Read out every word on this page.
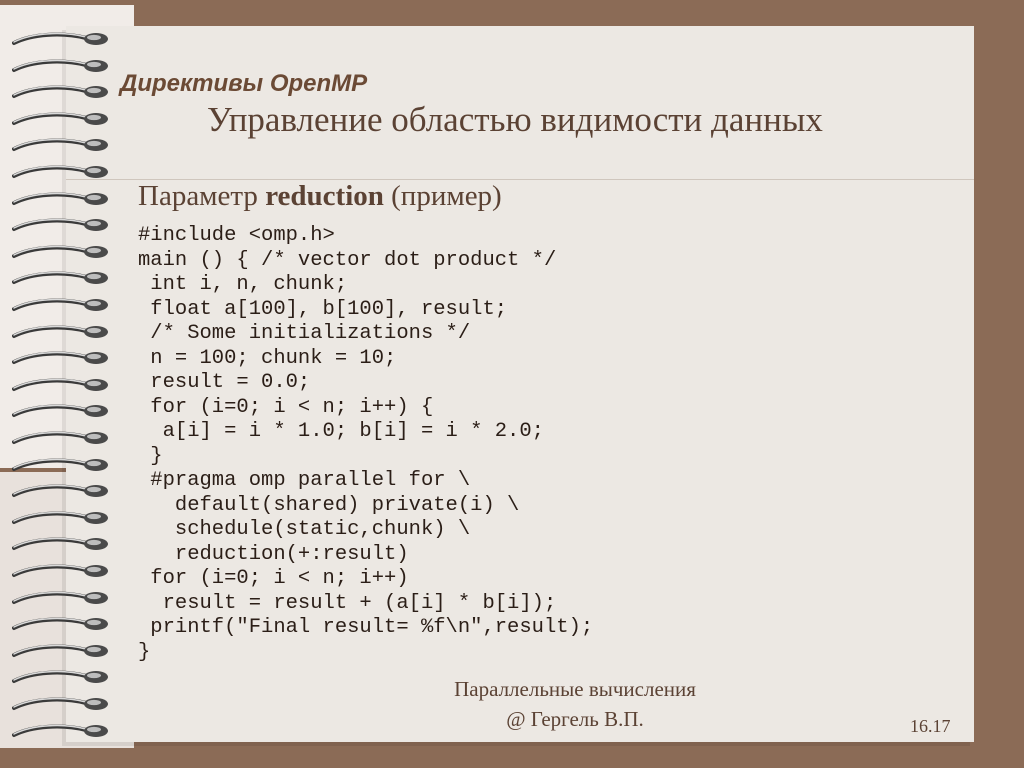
Директивы OpenMP
Управление областью видимости данных
Параметр reduction (пример)
#include <omp.h>
main () { /* vector dot product */
int i, n, chunk;
float a[100], b[100], result;
/* Some initializations */
n = 100; chunk = 10;
result = 0.0;
for (i=0; i < n; i++) {
a[i] = i * 1.0; b[i] = i * 2.0;
}
#pragma omp parallel for \
default(shared) private(i) \
schedule(static,chunk) \
reduction(+:result)
for (i=0; i < n; i++)
result = result + (a[i] * b[i]);
printf("Final result= %f\n",result);
}
Параллельные вычисления
@ Гергель В.П.	16.17
